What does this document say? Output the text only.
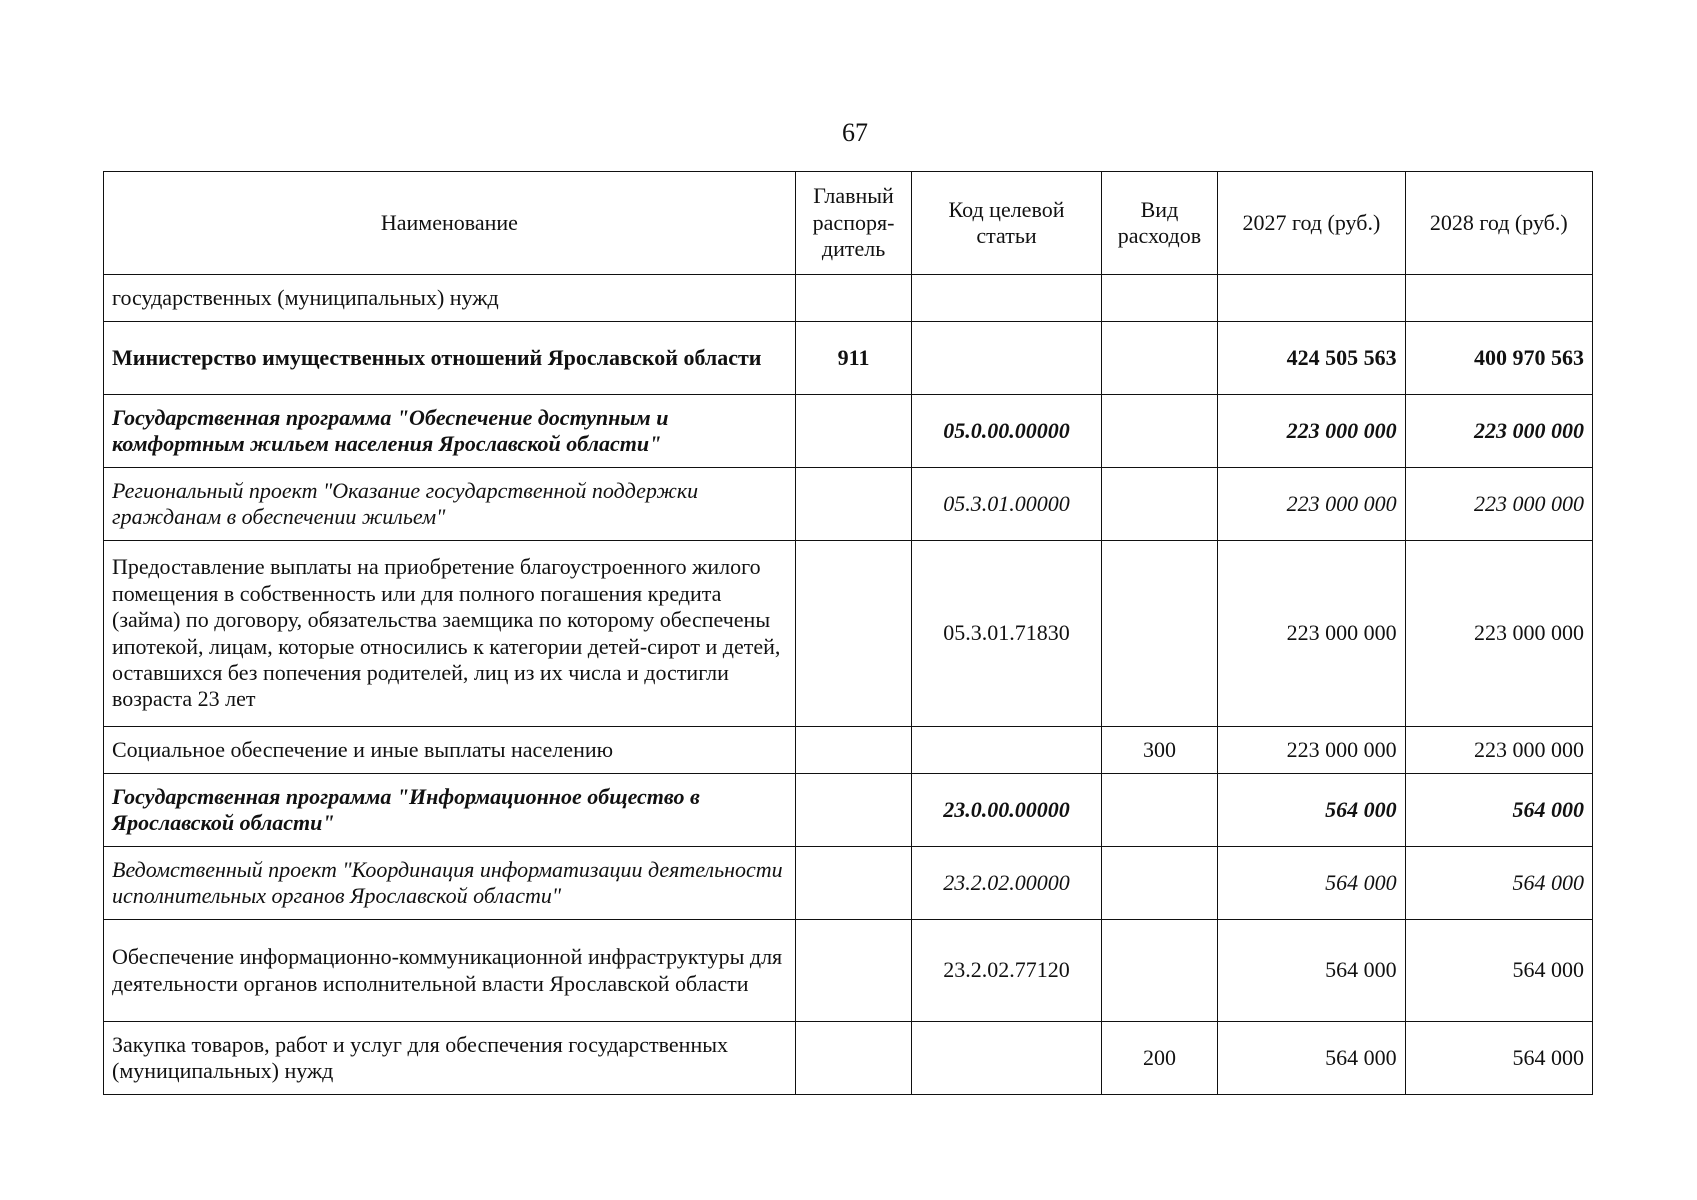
67
Наименование	Главный распоря-дитель	Код целевой статьи	Вид расходов	2027 год (руб.)	2028 год (руб.)
государственных (муниципальных) нужд					
Министерство имущественных отношений Ярославской области	911			424 505 563	400 970 563
Государственная программа "Обеспечение доступным и комфортным жильем населения Ярославской области"		05.0.00.00000		223 000 000	223 000 000
Региональный проект "Оказание государственной поддержки гражданам в обеспечении жильем"		05.3.01.00000		223 000 000	223 000 000
Предоставление выплаты на приобретение благоустроенного жилого помещения в собственность или для полного погашения кредита (займа) по договору, обязательства заемщика по которому обеспечены ипотекой, лицам, которые относились к категории детей-сирот и детей, оставшихся без попечения родителей, лиц из их числа и достигли возраста 23 лет		05.3.01.71830		223 000 000	223 000 000
Социальное обеспечение и иные выплаты населению			300	223 000 000	223 000 000
Государственная программа "Информационное общество в Ярославской области"		23.0.00.00000		564 000	564 000
Ведомственный проект "Координация информатизации деятельности исполнительных органов Ярославской области"		23.2.02.00000		564 000	564 000
Обеспечение информационно-коммуникационной инфраструктуры для деятельности органов исполнительной власти Ярославской области		23.2.02.77120		564 000	564 000
Закупка товаров, работ и услуг для обеспечения государственных (муниципальных) нужд			200	564 000	564 000
